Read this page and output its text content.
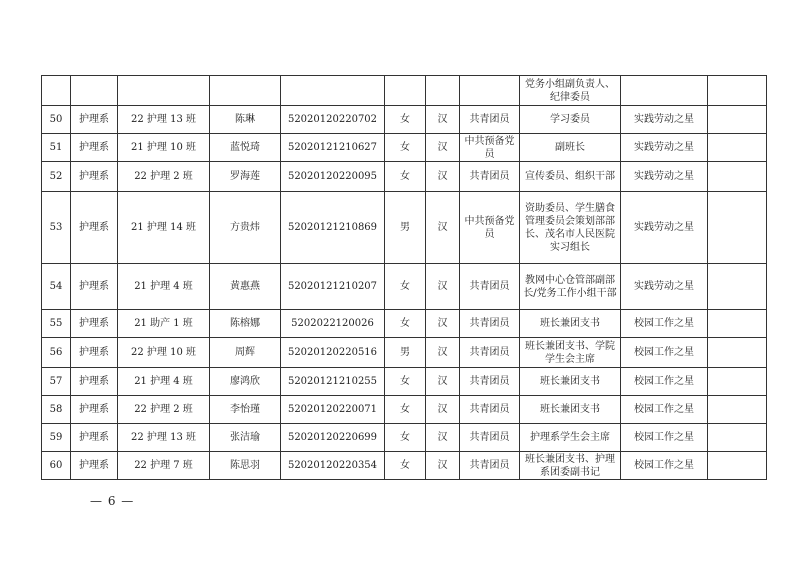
								党务小组副负责人、纪律委员		
50	护理系	22 护理 13 班	陈琳	52020120220702	女	汉	共青团员	学习委员	实践劳动之星	
51	护理系	21 护理 10 班	蓝悦琦	52020121210627	女	汉	中共预备党员	副班长	实践劳动之星	
52	护理系	22 护理 2 班	罗海莲	52020120220095	女	汉	共青团员	宣传委员、组织干部	实践劳动之星	
53	护理系	21 护理 14 班	方贵炜	52020121210869	男	汉	中共预备党员	资助委员、学生膳食管理委员会策划部部长、茂名市人民医院实习组长	实践劳动之星	
54	护理系	21 护理 4 班	黄惠燕	52020121210207	女	汉	共青团员	教网中心仓管部副部长/党务工作小组干部	实践劳动之星	
55	护理系	21 助产 1 班	陈榕娜	5202022120026	女	汉	共青团员	班长兼团支书	校园工作之星	
56	护理系	22 护理 10 班	周辉	52020120220516	男	汉	共青团员	班长兼团支书、学院学生会主席	校园工作之星	
57	护理系	21 护理 4 班	廖鸿欣	52020121210255	女	汉	共青团员	班长兼团支书	校园工作之星	
58	护理系	22 护理 2 班	李怡瑾	52020120220071	女	汉	共青团员	班长兼团支书	校园工作之星	
59	护理系	22 护理 13 班	张洁瑜	52020120220699	女	汉	共青团员	护理系学生会主席	校园工作之星	
60	护理系	22 护理 7 班	陈思羽	52020120220354	女	汉	共青团员	班长兼团支书、护理系团委副书记	校园工作之星	
— 6 —
